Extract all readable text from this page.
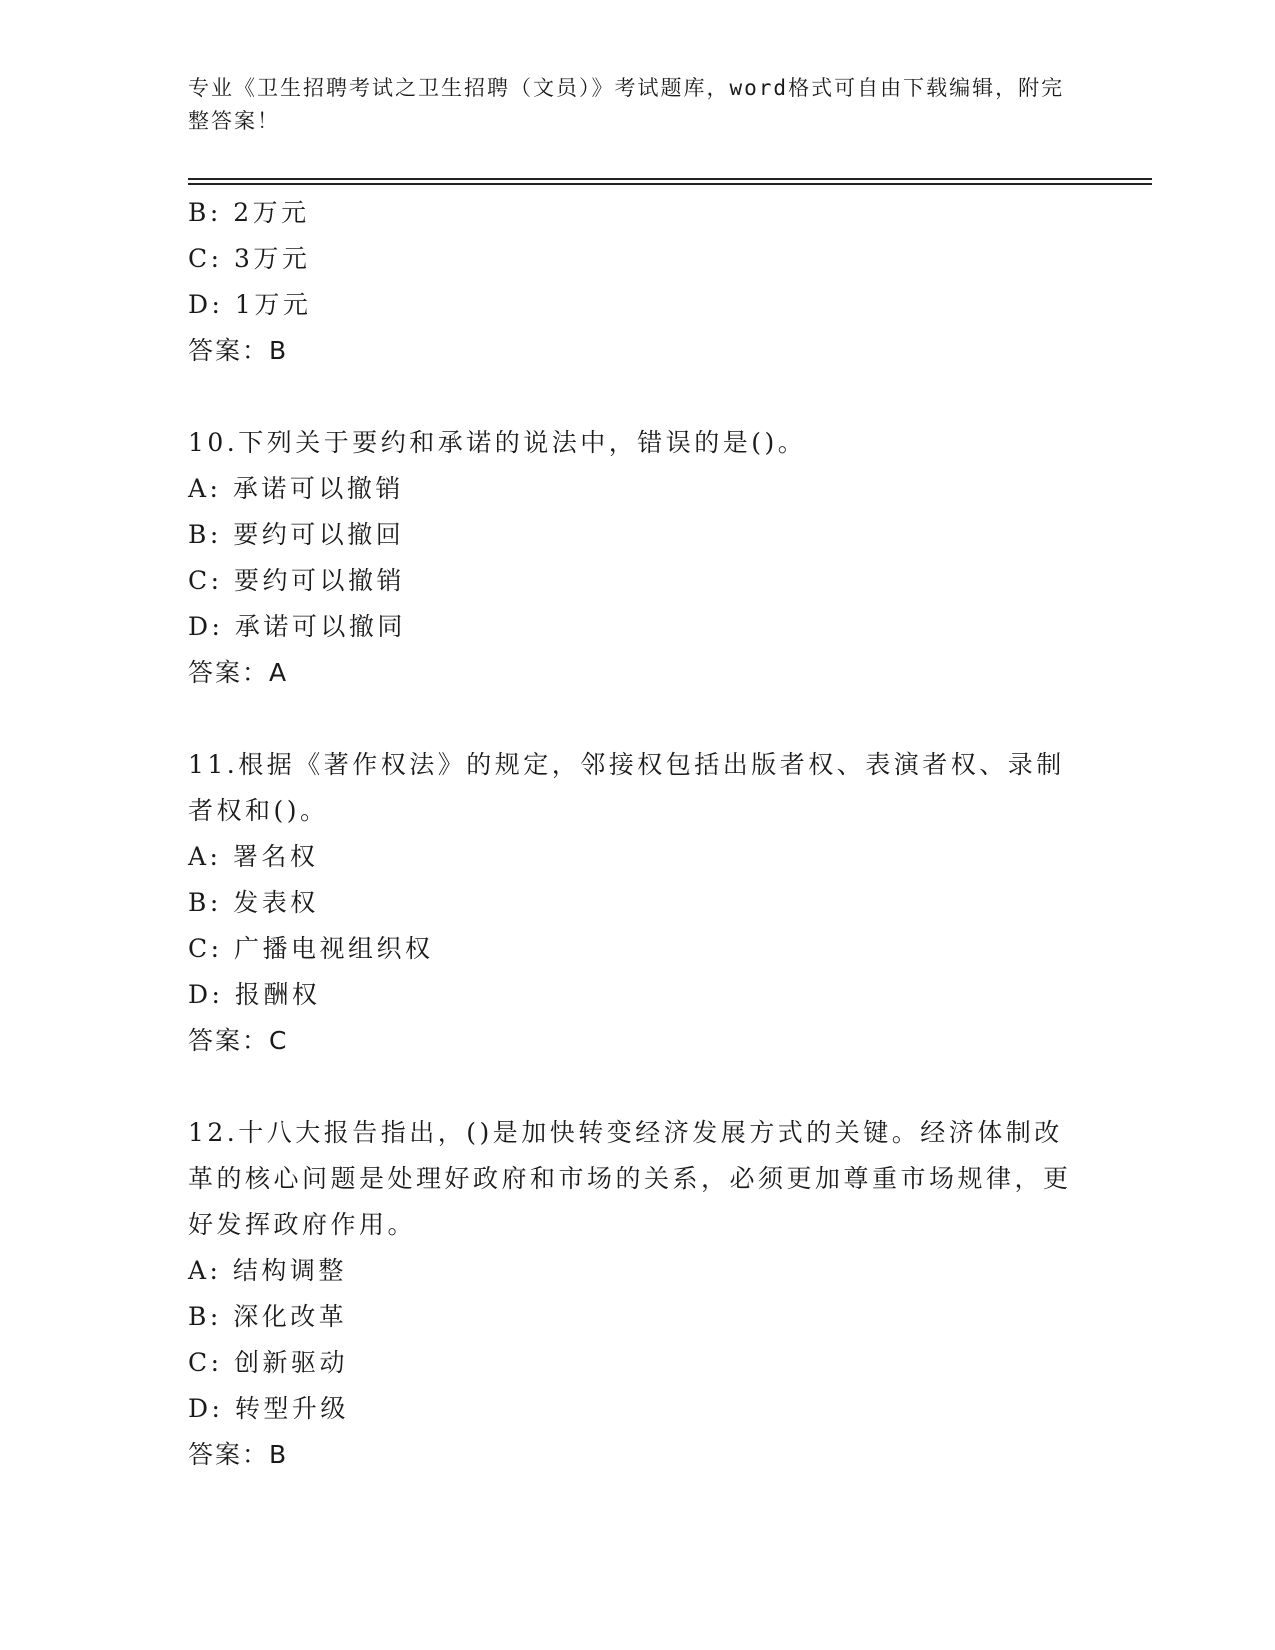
专业《卫生招聘考试之卫生招聘（文员）》考试题库，word格式可自由下载编辑，附完整答案！
B: 2万元
C: 3万元
D: 1万元
答案：B
10.下列关于要约和承诺的说法中，错误的是()。
A: 承诺可以撤销
B: 要约可以撤回
C: 要约可以撤销
D: 承诺可以撤同
答案：A
11.根据《著作权法》的规定，邻接权包括出版者权、表演者权、录制者权和()。
A: 署名权
B: 发表权
C: 广播电视组织权
D: 报酬权
答案：C
12.十八大报告指出，()是加快转变经济发展方式的关键。经济体制改革的核心问题是处理好政府和市场的关系，必须更加尊重市场规律，更好发挥政府作用。
A: 结构调整
B: 深化改革
C: 创新驱动
D: 转型升级
答案：B
